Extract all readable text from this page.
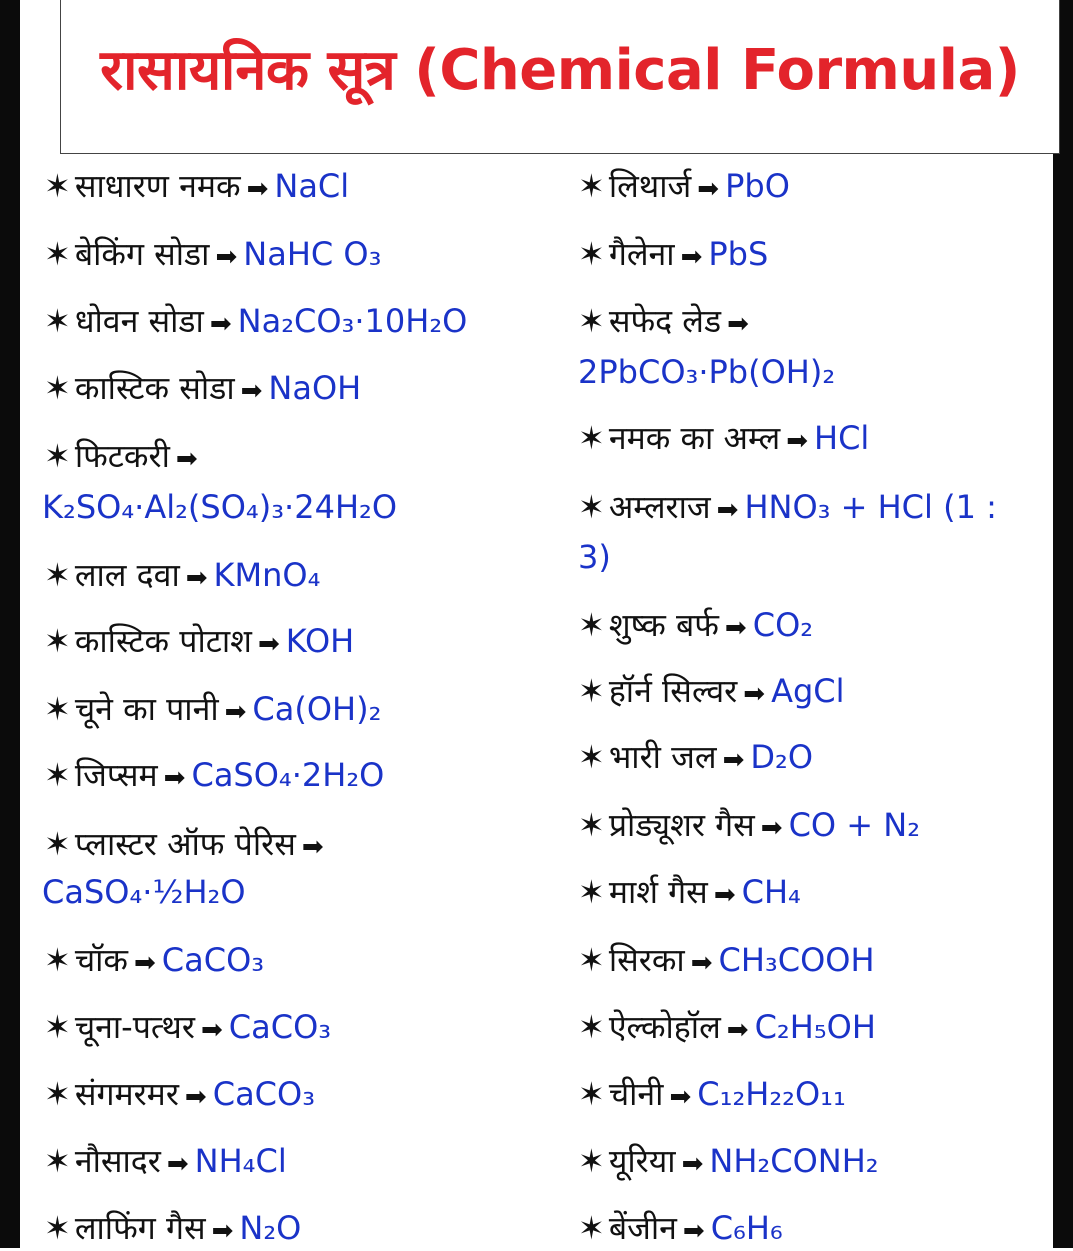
रासायनिक सूत्र (Chemical Formula)
✶ साधारण नमक ➡ NaCl
✶ बेकिंग सोडा ➡ NaHC O₃
✶ धोवन सोडा ➡ Na₂CO₃·10H₂O
✶ कास्टिक सोडा ➡ NaOH
✶ फिटकरी ➡
K₂SO₄·Al₂(SO₄)₃·24H₂O
✶ लाल दवा ➡ KMnO₄
✶ कास्टिक पोटाश ➡ KOH
✶ चूने का पानी ➡ Ca(OH)₂
✶ जिप्सम ➡ CaSO₄·2H₂O
✶ प्लास्टर ऑफ पेरिस ➡
CaSO₄·½H₂O
✶ चॉक ➡ CaCO₃
✶ चूना-पत्थर ➡ CaCO₃
✶ संगमरमर ➡ CaCO₃
✶ नौसादर ➡ NH₄Cl
✶ लाफिंग गैस ➡ N₂O
✶ लिथार्ज ➡ PbO
✶ गैलेना ➡ PbS
✶ सफेद लेड ➡
2PbCO₃·Pb(OH)₂
✶ नमक का अम्ल ➡ HCl
✶ अम्लराज ➡ HNO₃ + HCl (1 :
3)
✶ शुष्क बर्फ ➡ CO₂
✶ हॉर्न सिल्वर ➡ AgCl
✶ भारी जल ➡ D₂O
✶ प्रोड्यूशर गैस ➡ CO + N₂
✶ मार्श गैस ➡ CH₄
✶ सिरका ➡ CH₃COOH
✶ ऐल्कोहॉल ➡ C₂H₅OH
✶ चीनी ➡ C₁₂H₂₂O₁₁
✶ यूरिया ➡ NH₂CONH₂
✶ बेंजीन ➡ C₆H₆
